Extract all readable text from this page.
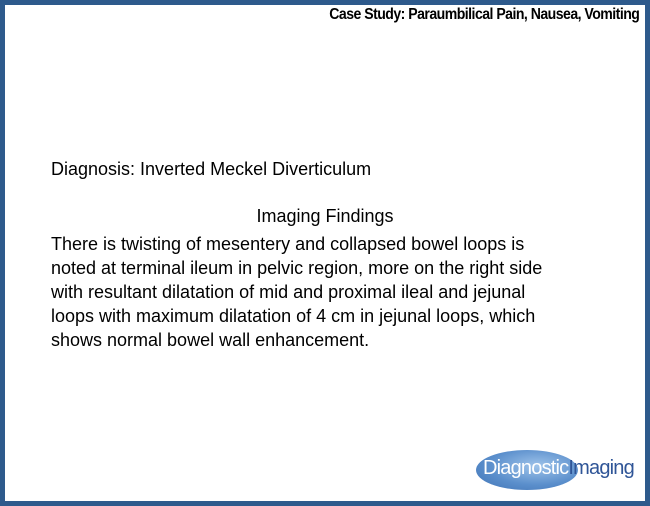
Case Study: Paraumbilical Pain, Nausea, Vomiting
Diagnosis: Inverted Meckel Diverticulum
Imaging Findings
There is twisting of mesentery and collapsed bowel loops is
noted at terminal ileum in pelvic region, more on the right side
with resultant dilatation of mid and proximal ileal and jejunal
loops with maximum dilatation of 4 cm in jejunal loops, which
shows normal bowel wall enhancement.
DiagnosticImaging
